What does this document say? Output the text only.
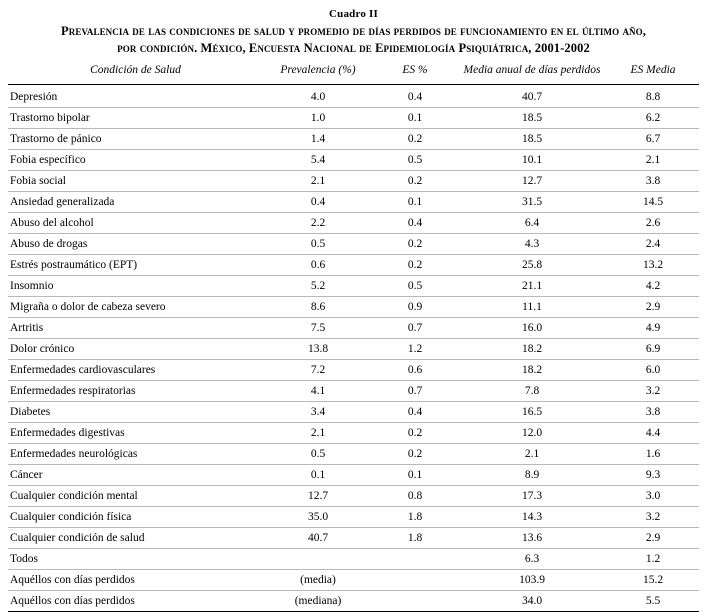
Cuadro II
Prevalencia de las condiciones de salud y promedio de días perdidos de funcionamiento en el último año,
por condición. México, Encuesta Nacional de Epidemiología Psiquiátrica, 2001-2002
Condición de Salud	Prevalencia (%)	ES %	Media anual de días perdidos	ES Media

Depresión	4.0	0.4	40.7	8.8
Trastorno bipolar	1.0	0.1	18.5	6.2
Trastorno de pánico	1.4	0.2	18.5	6.7
Fobia específico	5.4	0.5	10.1	2.1
Fobia social	2.1	0.2	12.7	3.8
Ansiedad generalizada	0.4	0.1	31.5	14.5
Abuso del alcohol	2.2	0.4	6.4	2.6
Abuso de drogas	0.5	0.2	4.3	2.4
Estrés postraumático (EPT)	0.6	0.2	25.8	13.2
Insomnio	5.2	0.5	21.1	4.2
Migraña o dolor de cabeza severo	8.6	0.9	11.1	2.9
Artritis	7.5	0.7	16.0	4.9
Dolor crónico	13.8	1.2	18.2	6.9
Enfermedades cardiovasculares	7.2	0.6	18.2	6.0
Enfermedades respiratorias	4.1	0.7	7.8	3.2
Diabetes	3.4	0.4	16.5	3.8
Enfermedades digestivas	2.1	0.2	12.0	4.4
Enfermedades neurológicas	0.5	0.2	2.1	1.6
Cáncer	0.1	0.1	8.9	9.3
Cualquier condición mental	12.7	0.8	17.3	3.0
Cualquier condición física	35.0	1.8	14.3	3.2
Cualquier condición de salud	40.7	1.8	13.6	2.9
Todos			6.3	1.2
Aquéllos con días perdidos	(media)		103.9	15.2
Aquéllos con días perdidos	(mediana)		34.0	5.5
